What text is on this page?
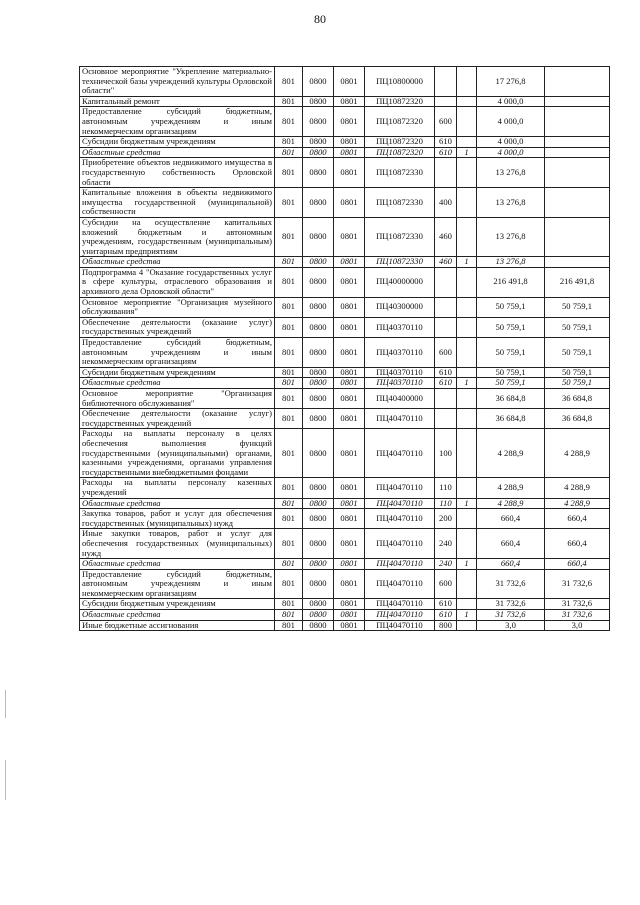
80
Основное мероприятие "Укрепление материально-технической базы учреждений культуры Орловской области"	801	0800	0801	ПЦ10800000			17 276,8	
Капитальный ремонт	801	0800	0801	ПЦ10872320			4 000,0	
Предоставление субсидий бюджетным, автономным учреждениям и иным некоммерческим организациям	801	0800	0801	ПЦ10872320	600		4 000,0	
Субсидии бюджетным учреждениям	801	0800	0801	ПЦ10872320	610		4 000,0	
Областные средства	801	0800	0801	ПЦ10872320	610	1	4 000,0	
Приобретение объектов недвижимого имущества в государственную собственность Орловской области	801	0800	0801	ПЦ10872330			13 276,8	
Капитальные вложения в объекты недвижимого имущества государственной (муниципальной) собственности	801	0800	0801	ПЦ10872330	400		13 276,8	
Субсидии на осуществление капитальных вложений бюджетным и автономным учреждениям, государственным (муниципальным) унитарным предприятиям	801	0800	0801	ПЦ10872330	460		13 276,8	
Областные средства	801	0800	0801	ПЦ10872330	460	1	13 276,8	
Подпрограмма 4 "Оказание государственных услуг в сфере культуры, отраслевого образования и архивного дела Орловской области"	801	0800	0801	ПЦ40000000			216 491,8	216 491,8
Основное мероприятие "Организация музейного обслуживания"	801	0800	0801	ПЦ40300000			50 759,1	50 759,1
Обеспечение деятельности (оказание услуг) государственных учреждений	801	0800	0801	ПЦ40370110			50 759,1	50 759,1
Предоставление субсидий бюджетным, автономным учреждениям и иным некоммерческим организациям	801	0800	0801	ПЦ40370110	600		50 759,1	50 759,1
Субсидии бюджетным учреждениям	801	0800	0801	ПЦ40370110	610		50 759,1	50 759,1
Областные средства	801	0800	0801	ПЦ40370110	610	1	50 759,1	50 759,1
Основное мероприятие "Организация библиотечного обслуживания"	801	0800	0801	ПЦ40400000			36 684,8	36 684,8
Обеспечение деятельности (оказание услуг) государственных учреждений	801	0800	0801	ПЦ40470110			36 684,8	36 684,8
Расходы на выплаты персоналу в целях обеспечения выполнения функций государственными (муниципальными) органами, казенными учреждениями, органами управления государственными внебюджетными фондами	801	0800	0801	ПЦ40470110	100		4 288,9	4 288,9
Расходы на выплаты персоналу казенных учреждений	801	0800	0801	ПЦ40470110	110		4 288,9	4 288,9
Областные средства	801	0800	0801	ПЦ40470110	110	1	4 288,9	4 288,9
Закупка товаров, работ и услуг для обеспечения государственных (муниципальных) нужд	801	0800	0801	ПЦ40470110	200		660,4	660,4
Иные закупки товаров, работ и услуг для обеспечения государственных (муниципальных) нужд	801	0800	0801	ПЦ40470110	240		660,4	660,4
Областные средства	801	0800	0801	ПЦ40470110	240	1	660,4	660,4
Предоставление субсидий бюджетным, автономным учреждениям и иным некоммерческим организациям	801	0800	0801	ПЦ40470110	600		31 732,6	31 732,6
Субсидии бюджетным учреждениям	801	0800	0801	ПЦ40470110	610		31 732,6	31 732,6
Областные средства	801	0800	0801	ПЦ40470110	610	1	31 732,6	31 732,6
Иные бюджетные ассигнования	801	0800	0801	ПЦ40470110	800		3,0	3,0
